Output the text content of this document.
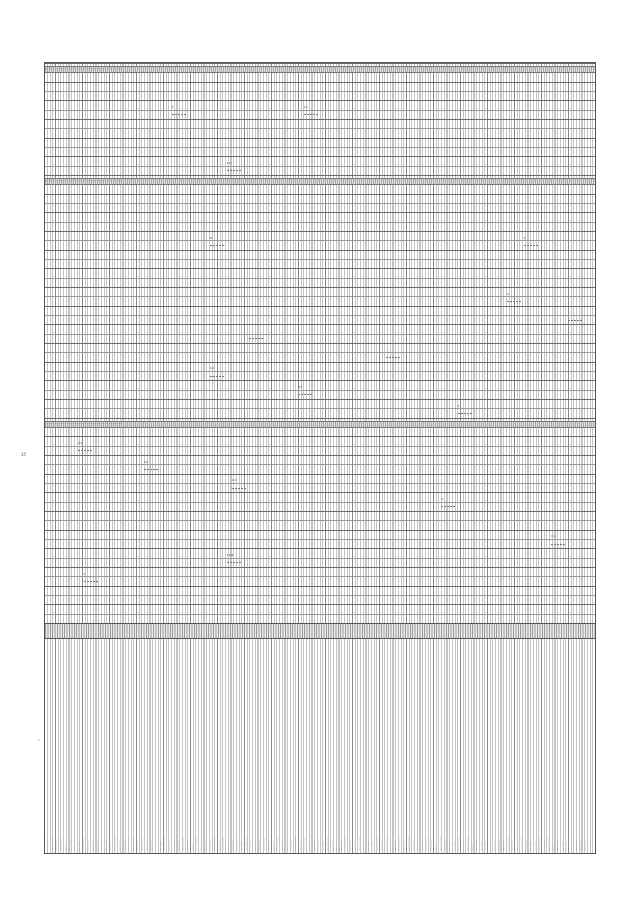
35
1
·······································································································
·······································································································
·······································································································
2	1 1
2 0
8	2
1
· ·
· · · ·
· · · ·
1 1
2 2
2
1 1
2 0
1 1
2
1 1
2 0 2
1
·············· ················· ············ ················ ·········· ············· ··············· ··········· ················· ············· ·············· ············ ················ ············· ·········· ·················· ············· ··········· ·············· ················· ············ ················ ·········· ············· ··············· ··········· ················· ············· ·············· ············ ················ ············· ·········· ·················· ············· ··········· ·············· ················· ············ ················ ·········· ············· ··············· ··········· ················· ············· ·············· ············ ················ ············· ·········· ·················· ············· ··········· ·············· ················· ············ ················ ·········· ············· ··············· ··········· ················· ············· ·············· ············ ················ ············· ·········· ·················· ············· ··········· ·············· ················· ············ ················ ·········· ············· ··············· ··········· ················· ············· ·············· ············ ················ ············· ·········· ·················· ············· ··········· ·············· ················· ············ ················ ·········· ············· ··············· ··········· ················· ············· ·············· ············ ················ ············· ·········· ·················· ············· ··········· ·············· ················· ············ ················ ·········· ············· ··············· ··········· ················· ············· ·············· ············
